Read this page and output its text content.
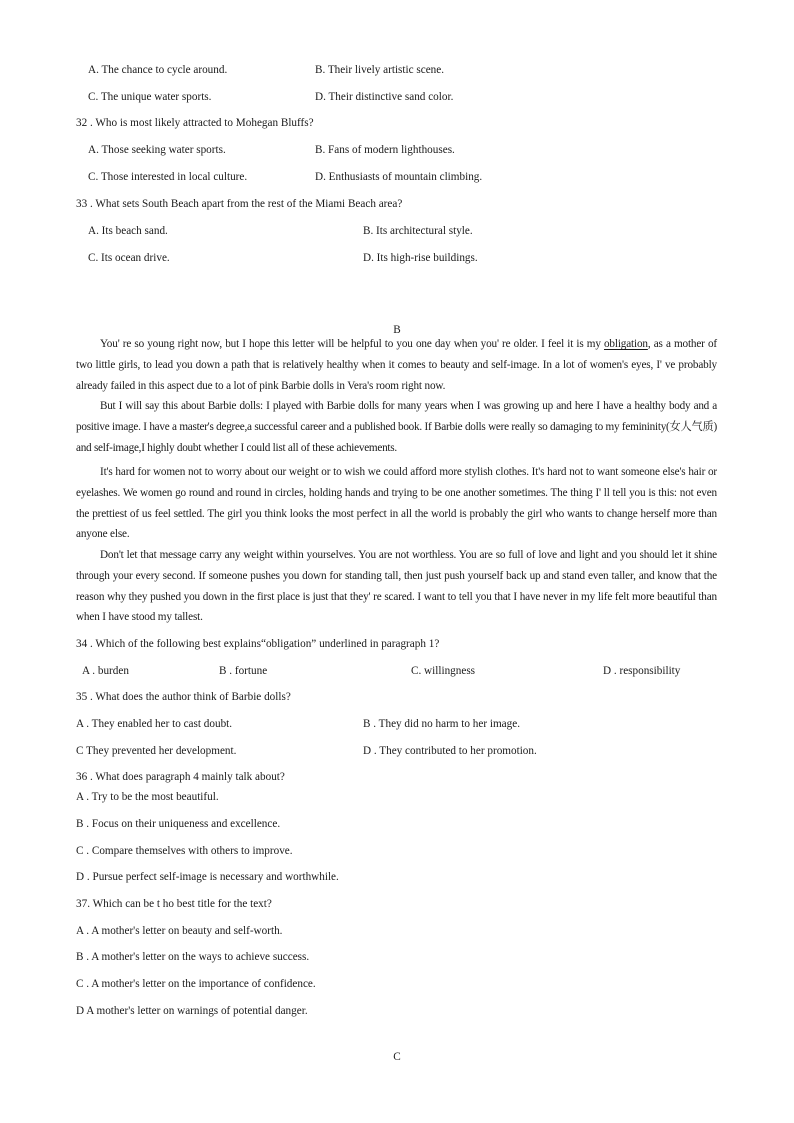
A. The chance to cycle around.	B. Their lively artistic scene.
C. The unique water sports.	D. Their distinctive sand color.
32 . Who is most likely attracted to Mohegan Bluffs?
A. Those seeking water sports.	B. Fans of modern lighthouses.
C. Those interested in local culture.	D. Enthusiasts of mountain climbing.
33 . What sets South Beach apart from the rest of the Miami Beach area?
A. Its beach sand.	B. Its architectural style.
C. Its ocean drive.	D. Its high-rise buildings.
B
You' re so young right now, but I hope this letter will be helpful to you one day when you' re older. I feel it is my obligation, as a mother of two little girls, to lead you down a path that is relatively healthy when it comes to beauty and self-image. In a lot of women's eyes, I' ve probably already failed in this aspect due to a lot of pink Barbie dolls in Vera's room right now.
But I will say this about Barbie dolls: I played with Barbie dolls for many years when I was growing up and here I have a healthy body and a positive image. I have a master's degree,a successful career and a published book. If Barbie dolls were really so damaging to my femininity(女人气质) and self-image,I highly doubt whether I could list all of these achievements.
It's hard for women not to worry about our weight or to wish we could afford more stylish clothes. It's hard not to want someone else's hair or eyelashes. We women go round and round in circles, holding hands and trying to be one another sometimes. The thing I' ll tell you is this: not even the prettiest of us feel settled. The girl you think looks the most perfect in all the world is probably the girl who wants to change herself more than anyone else.
Don't let that message carry any weight within yourselves. You are not worthless. You are so full of love and light and you should let it shine through your every second. If someone pushes you down for standing tall, then just push yourself back up and stand even taller, and know that the reason why they pushed you down in the first place is just that they' re scared. I want to tell you that I have never in my life felt more beautiful than when I have stood my tallest.
34 . Which of the following best explains“obligation” underlined in paragraph 1?
A . burden	B . fortune	C. willingness	D . responsibility
35 . What does the author think of Barbie dolls?
A . They enabled her to cast doubt.	B . They did no harm to her image.
C They prevented her development.	D . They contributed to her promotion.
36 . What does paragraph 4 mainly talk about?
A . Try to be the most beautiful.
B . Focus on their uniqueness and excellence.
C . Compare themselves with others to improve.
D . Pursue perfect self-image is necessary and worthwhile.
37. Which can be t ho best title for the text?
A . A mother's letter on beauty and self-worth.
B . A mother's letter on the ways to achieve success.
C . A mother's letter on the importance of confidence.
D A mother's letter on warnings of potential danger.
C
